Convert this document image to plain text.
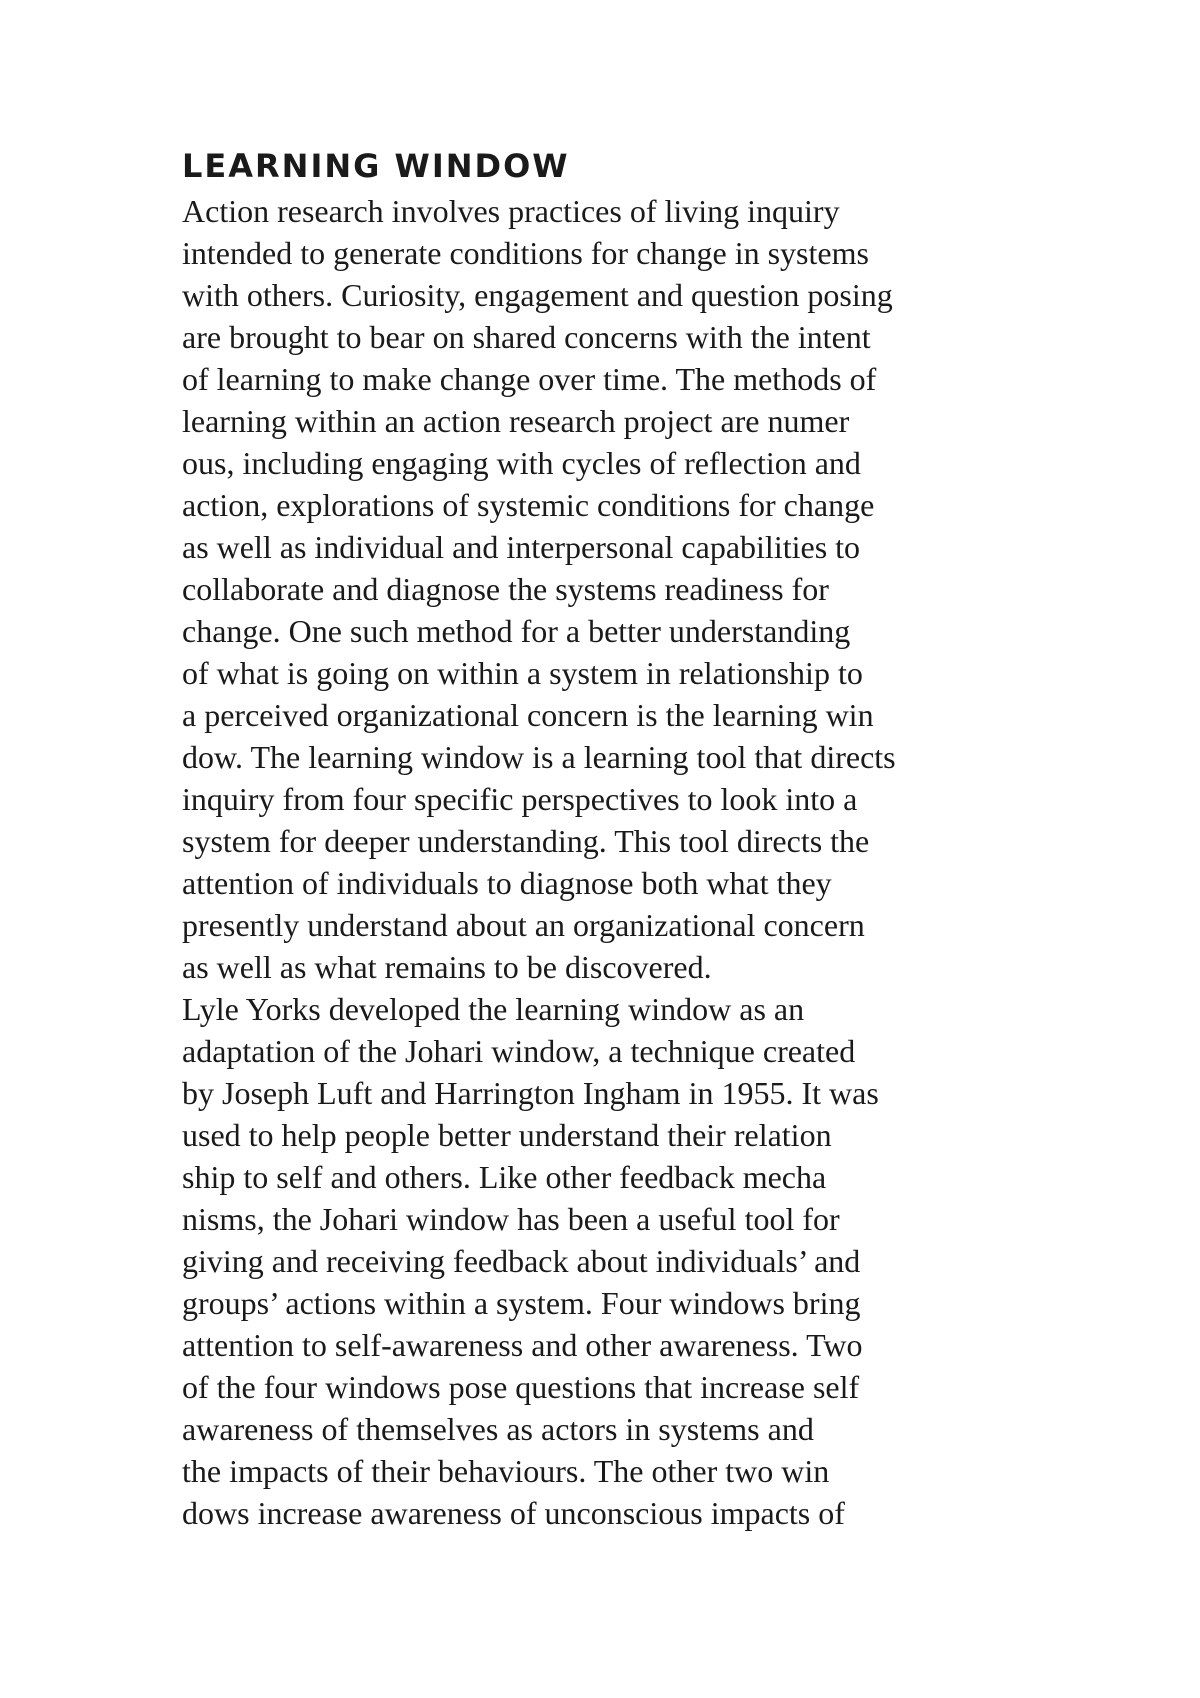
LEARNING WINDOW
Action research involves practices of living inquiry
intended to generate conditions for change in systems
with others. Curiosity, engagement and question posing
are brought to bear on shared concerns with the intent
of learning to make change over time. The methods of
learning within an action research project are numer
ous, including engaging with cycles of reflection and
action, explorations of systemic conditions for change
as well as individual and interpersonal capabilities to
collaborate and diagnose the systems readiness for
change. One such method for a better understanding
of what is going on within a system in relationship to
a perceived organizational concern is the learning win
dow. The learning window is a learning tool that directs
inquiry from four specific perspectives to look into a
system for deeper understanding. This tool directs the
attention of individuals to diagnose both what they
presently understand about an organizational concern
as well as what remains to be discovered.
Lyle Yorks developed the learning window as an
adaptation of the Johari window, a technique created
by Joseph Luft and Harrington Ingham in 1955. It was
used to help people better understand their relation
ship to self and others. Like other feedback mecha
nisms, the Johari window has been a useful tool for
giving and receiving feedback about individuals’ and
groups’ actions within a system. Four windows bring
attention to self-awareness and other awareness. Two
of the four windows pose questions that increase self
awareness of themselves as actors in systems and
the impacts of their behaviours. The other two win
dows increase awareness of unconscious impacts of
